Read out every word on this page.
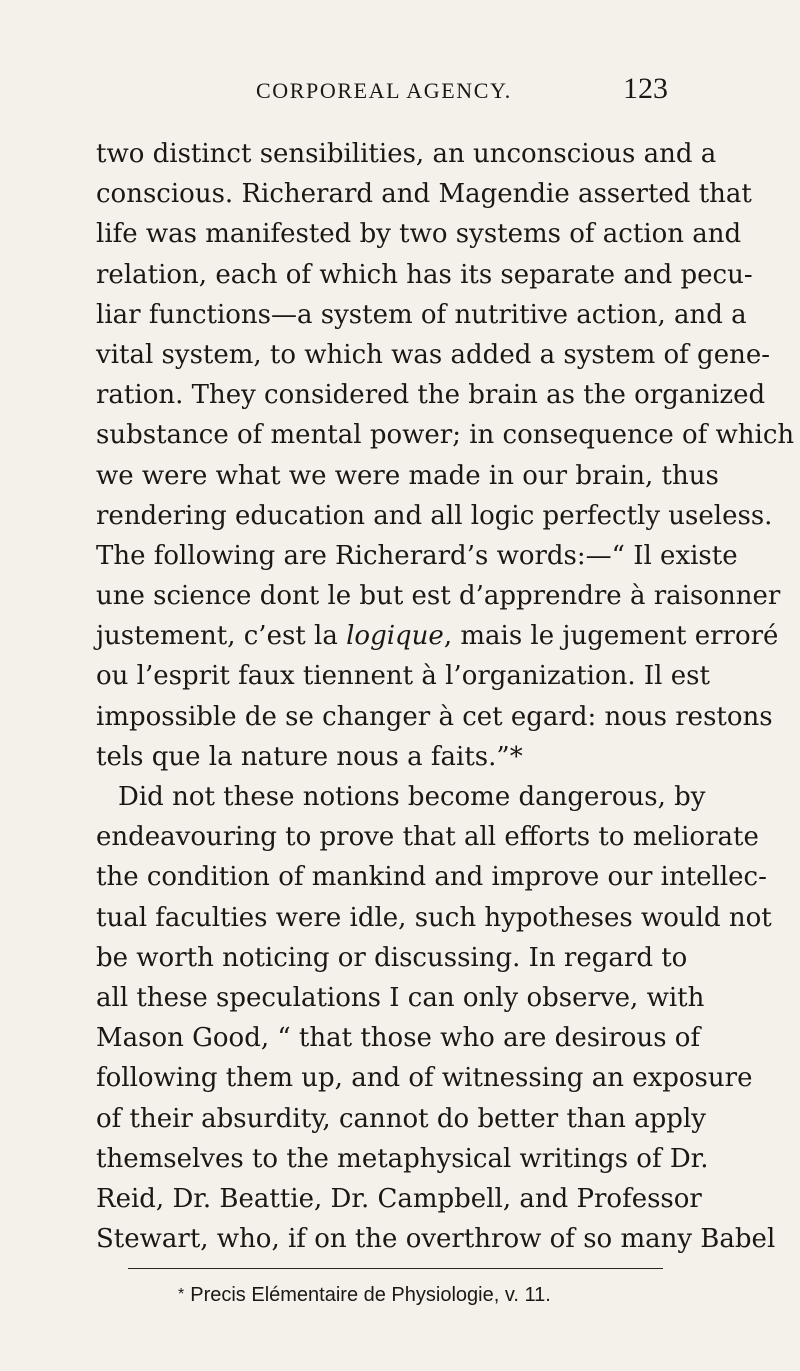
CORPOREAL AGENCY.	123
two distinct sensibilities, an unconscious and a
conscious. Richerard and Magendie asserted that
life was manifested by two systems of action and
relation, each of which has its separate and pecu-
liar functions—a system of nutritive action, and a
vital system, to which was added a system of gene-
ration. They considered the brain as the organized
substance of mental power; in consequence of which
we were what we were made in our brain, thus
rendering education and all logic perfectly useless.
The following are Richerard’s words:—“ Il existe
une science dont le but est d’apprendre à raisonner
justement, c’est la logique, mais le jugement erroré
ou l’esprit faux tiennent à l’organization. Il est
impossible de se changer à cet egard: nous restons
tels que la nature nous a faits.”*
Did not these notions become dangerous, by
endeavouring to prove that all efforts to meliorate
the condition of mankind and improve our intellec-
tual faculties were idle, such hypotheses would not
be worth noticing or discussing. In regard to
all these speculations I can only observe, with
Mason Good, “ that those who are desirous of
following them up, and of witnessing an exposure
of their absurdity, cannot do better than apply
themselves to the metaphysical writings of Dr.
Reid, Dr. Beattie, Dr. Campbell, and Professor
Stewart, who, if on the overthrow of so many Babel
* Precis Elémentaire de Physiologie, v. 11.
